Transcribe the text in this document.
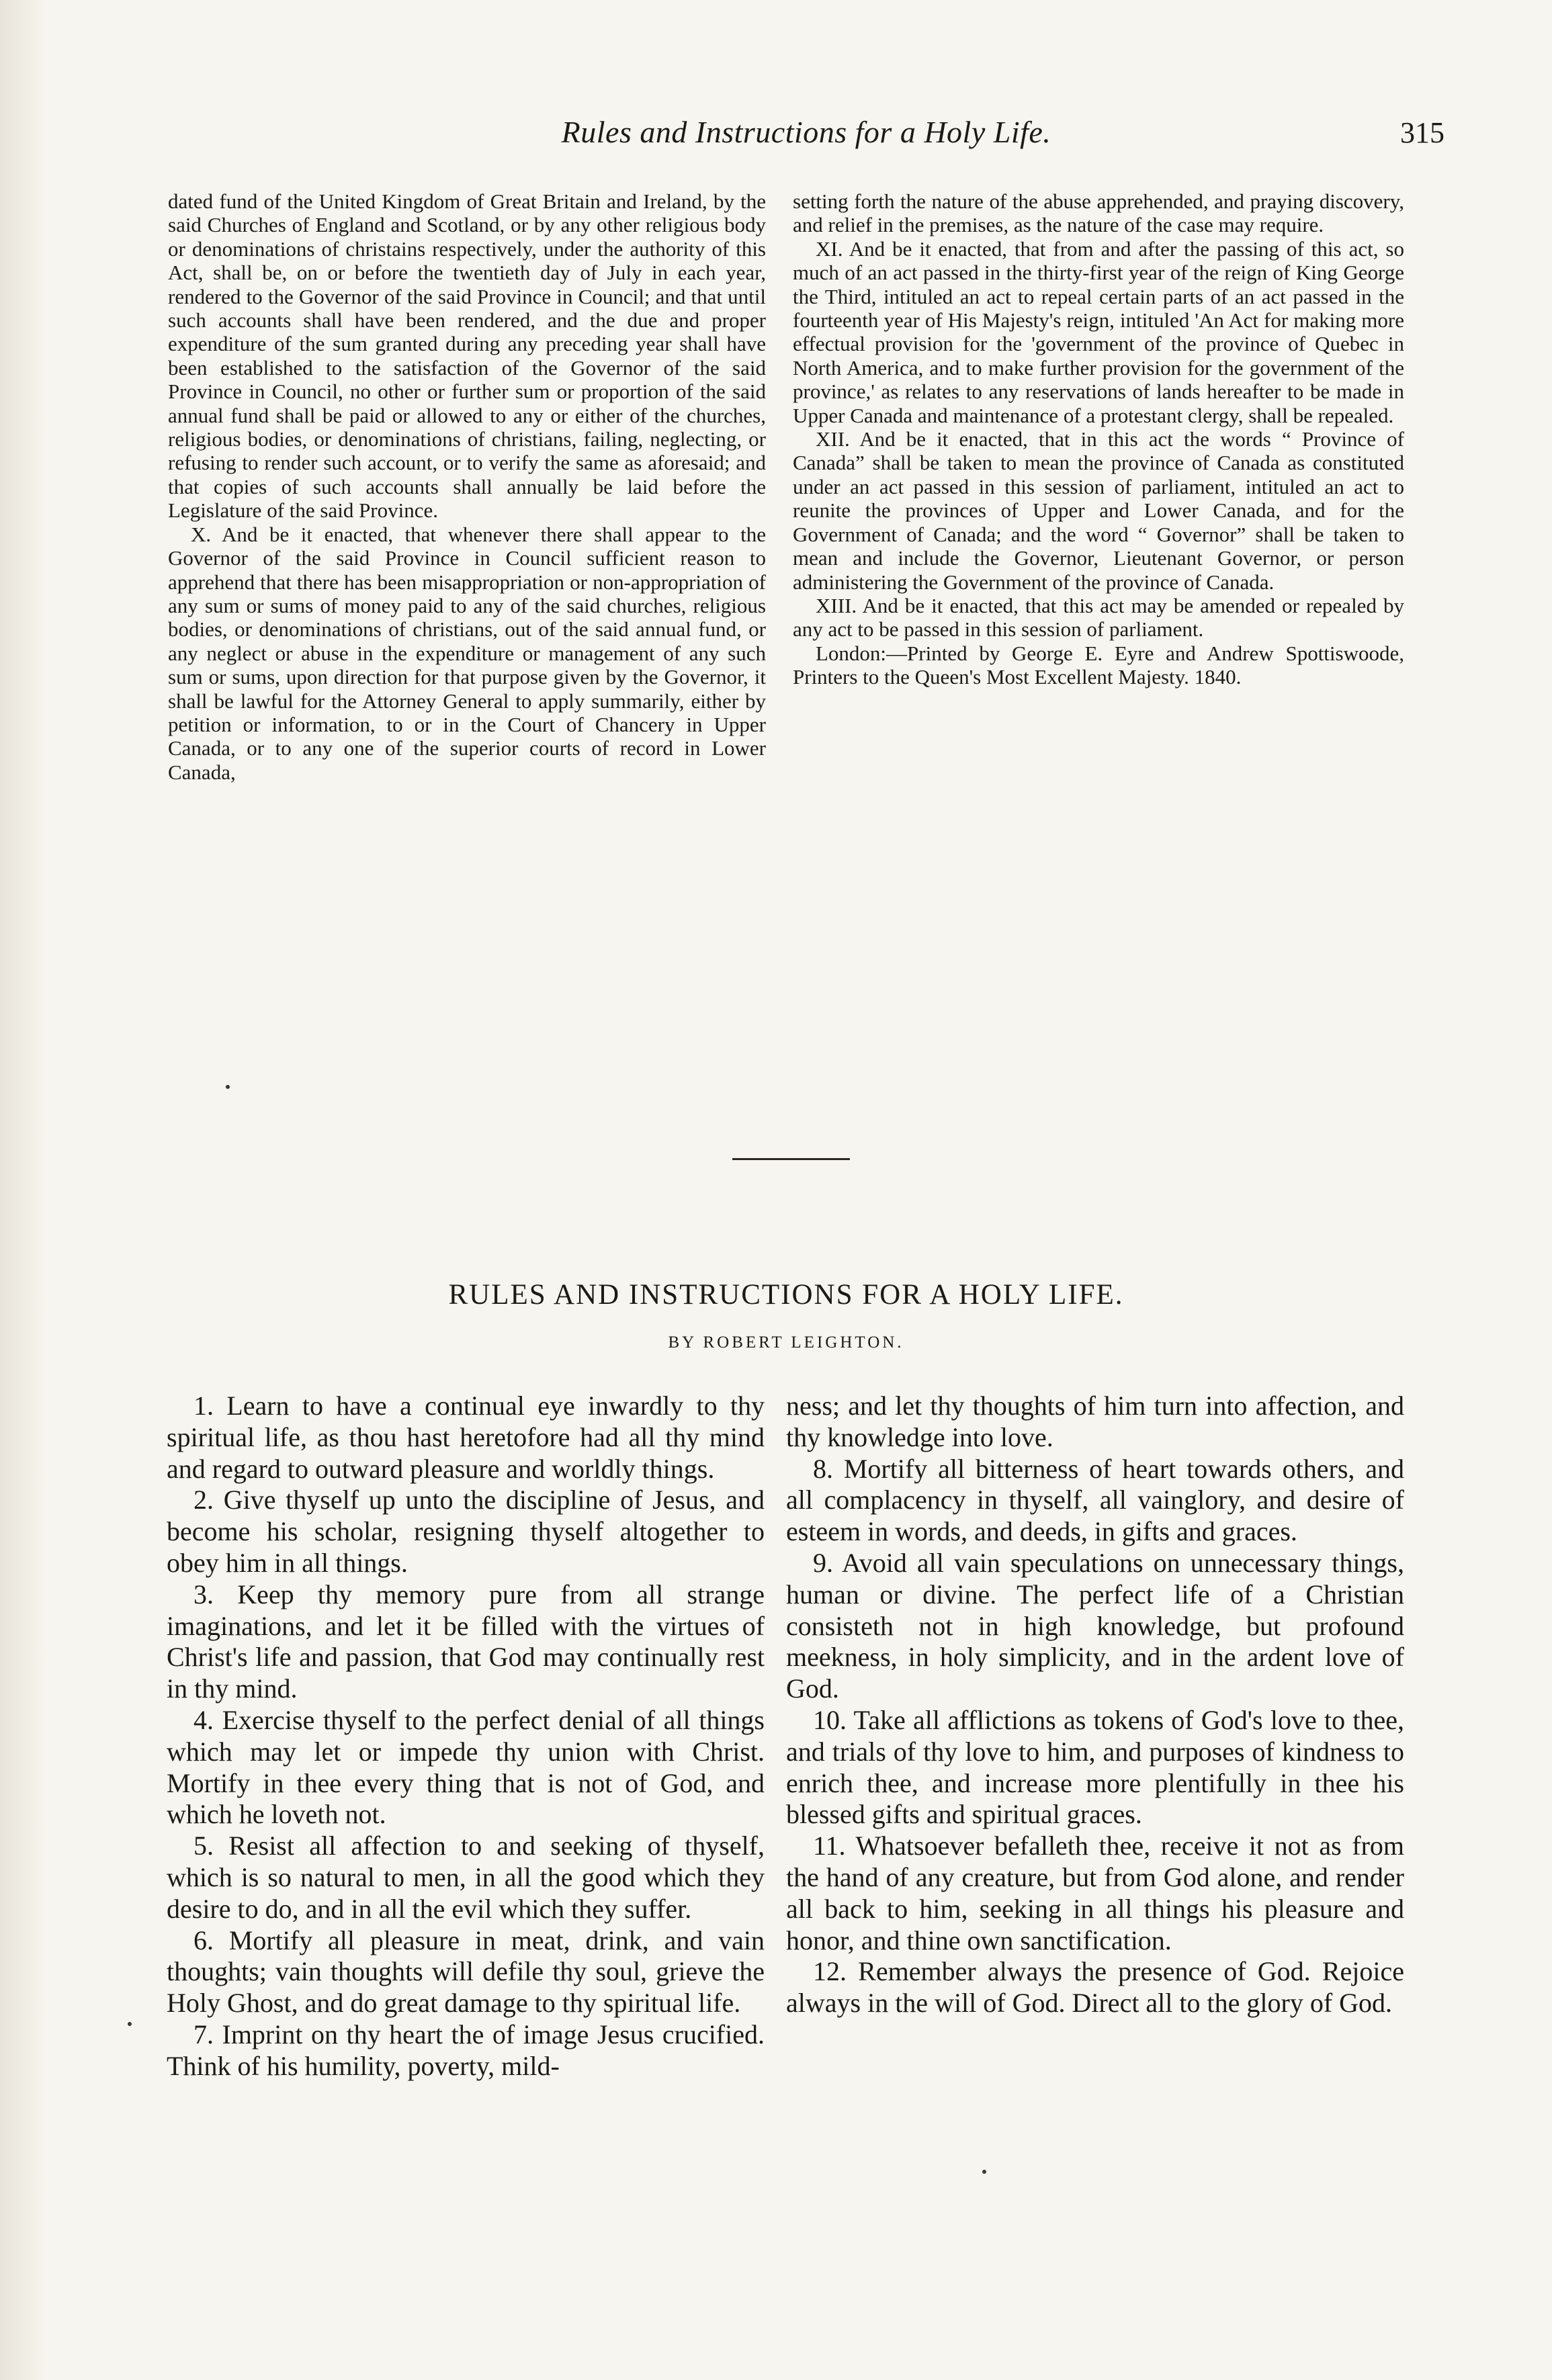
Rules and Instructions for a Holy Life.	315

dated fund of the United Kingdom of Great Britain and Ireland, by the said Churches of England and Scotland, or by any other religious body or denominations of christains respectively, under the authority of this Act, shall be, on or before the twentieth day of July in each year, rendered to the Governor of the said Province in Council; and that until such accounts shall have been rendered, and the due and proper expenditure of the sum granted during any preceding year shall have been established to the satisfaction of the Governor of the said Province in Council, no other or further sum or proportion of the said annual fund shall be paid or allowed to any or either of the churches, religious bodies, or denominations of christians, failing, neglecting, or refusing to render such account, or to verify the same as aforesaid; and that copies of such accounts shall annually be laid before the Legislature of the said Province.

X. And be it enacted, that whenever there shall appear to the Governor of the said Province in Council sufficient reason to apprehend that there has been misappropriation or non-appropriation of any sum or sums of money paid to any of the said churches, religious bodies, or denominations of christians, out of the said annual fund, or any neglect or abuse in the expenditure or management of any such sum or sums, upon direction for that purpose given by the Governor, it shall be lawful for the Attorney General to apply summarily, either by petition or information, to or in the Court of Chancery in Upper Canada, or to any one of the superior courts of record in Lower Canada,

setting forth the nature of the abuse apprehended, and praying discovery, and relief in the premises, as the nature of the case may require.

XI. And be it enacted, that from and after the passing of this act, so much of an act passed in the thirty-first year of the reign of King George the Third, intituled an act to repeal certain parts of an act passed in the fourteenth year of His Majesty's reign, intituled 'An Act for making more effectual provision for the 'government of the province of Quebec in North America, and to make further provision for the government of the province,' as relates to any reservations of lands hereafter to be made in Upper Canada and maintenance of a protestant clergy, shall be repealed.

XII. And be it enacted, that in this act the words “ Province of Canada” shall be taken to mean the province of Canada as constituted under an act passed in this session of parliament, intituled an act to reunite the provinces of Upper and Lower Canada, and for the Government of Canada; and the word “ Governor” shall be taken to mean and include the Governor, Lieutenant Governor, or person administering the Government of the province of Canada.

XIII. And be it enacted, that this act may be amended or repealed by any act to be passed in this session of parliament.

London:—Printed by George E. Eyre and Andrew Spottiswoode, Printers to the Queen's Most Excellent Majesty. 1840.

RULES AND INSTRUCTIONS FOR A HOLY LIFE.
BY ROBERT LEIGHTON.

1. Learn to have a continual eye inwardly to thy spiritual life, as thou hast heretofore had all thy mind and regard to outward pleasure and worldly things.

2. Give thyself up unto the discipline of Jesus, and become his scholar, resigning thyself altogether to obey him in all things.

3. Keep thy memory pure from all strange imaginations, and let it be filled with the virtues of Christ's life and passion, that God may continually rest in thy mind.

4. Exercise thyself to the perfect denial of all things which may let or impede thy union with Christ. Mortify in thee every thing that is not of God, and which he loveth not.

5. Resist all affection to and seeking of thyself, which is so natural to men, in all the good which they desire to do, and in all the evil which they suffer.

6. Mortify all pleasure in meat, drink, and vain thoughts; vain thoughts will defile thy soul, grieve the Holy Ghost, and do great damage to thy spiritual life.

7. Imprint on thy heart the of image Jesus crucified. Think of his humility, poverty, mild-

ness; and let thy thoughts of him turn into affection, and thy knowledge into love.

8. Mortify all bitterness of heart towards others, and all complacency in thyself, all vainglory, and desire of esteem in words, and deeds, in gifts and graces.

9. Avoid all vain speculations on unnecessary things, human or divine. The perfect life of a Christian consisteth not in high knowledge, but profound meekness, in holy simplicity, and in the ardent love of God.

10. Take all afflictions as tokens of God's love to thee, and trials of thy love to him, and purposes of kindness to enrich thee, and increase more plentifully in thee his blessed gifts and spiritual graces.

11. Whatsoever befalleth thee, receive it not as from the hand of any creature, but from God alone, and render all back to him, seeking in all things his pleasure and honor, and thine own sanctification.

12. Remember always the presence of God. Rejoice always in the will of God. Direct all to the glory of God.
